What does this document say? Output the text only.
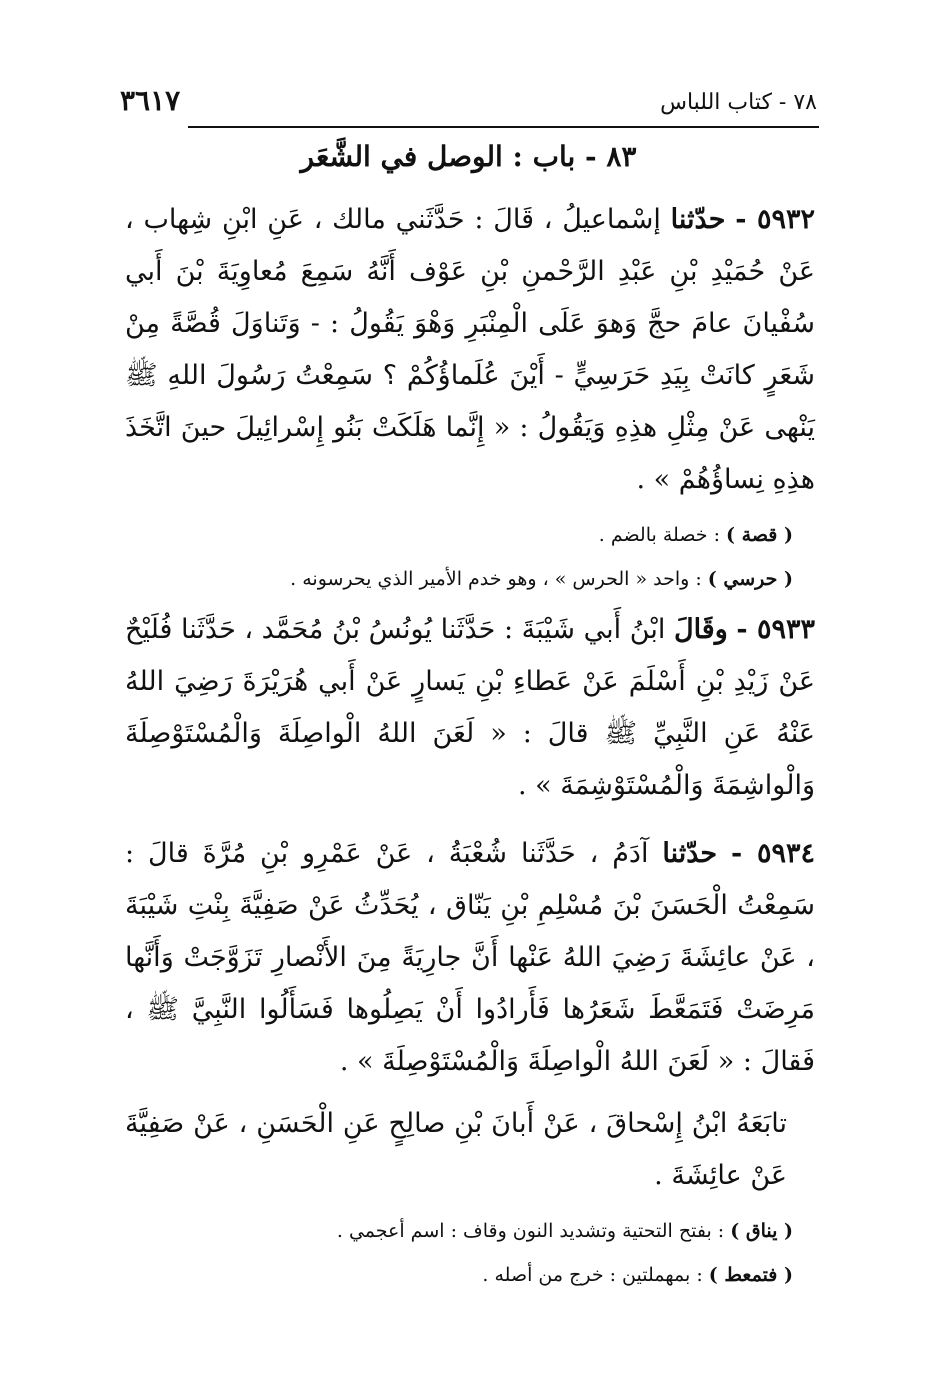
٧٨ - كتاب اللباس
٣٦١٧
٨٣ - باب : الوصل في الشَّعَر

٥٩٣٢ - حدّثنا إسْماعيلُ ، قَالَ : حَدَّثَني مالك ، عَنِ ابْنِ شِهاب ، عَنْ حُمَيْدِ بْنِ عَبْدِ الرَّحْمنِ بْنِ عَوْف أَنَّهُ سَمِعَ مُعاوِيَةَ بْنَ أَبي سُفْيانَ عامَ حجَّ وَهوَ عَلَى الْمِنْبَرِ وَهْوَ يَقُولُ : - وَتَناوَلَ قُصَّةً مِنْ شَعَرٍ كانَتْ بِيَدِ حَرَسِيٍّ - أَيْنَ عُلَماؤُكُمْ ؟ سَمِعْتُ رَسُولَ اللهِ ﷺ يَنْهى عَنْ مِثْلِ هذِهِ وَيَقُولُ : « إِنَّما هَلَكَتْ بَنُو إِسْرائِيلَ حينَ اتَّخَذَ هذِهِ نِساؤُهُمْ » .

( قصة ) : خصلة بالضم .

( حرسي ) : واحد « الحرس » ، وهو خدم الأمير الذي يحرسونه .

٥٩٣٣ - وقَالَ ابْنُ أَبي شَيْبَةَ : حَدَّثَنا يُونُسُ بْنُ مُحَمَّد ، حَدَّثَنا فُلَيْحٌ عَنْ زَيْدِ بْنِ أَسْلَمَ عَنْ عَطاءِ بْنِ يَسارٍ عَنْ أَبي هُرَيْرَةَ رَضِيَ اللهُ عَنْهُ عَنِ النَّبِيِّ ﷺ قالَ : « لَعَنَ اللهُ الْواصِلَةَ وَالْمُسْتَوْصِلَةَ وَالْواشِمَةَ وَالْمُسْتَوْشِمَةَ » .

٥٩٣٤ - حدّثنا آدَمُ ، حَدَّثَنا شُعْبَةُ ، عَنْ عَمْرِو بْنِ مُرَّةَ قالَ : سَمِعْتُ الْحَسَنَ بْنَ مُسْلِمِ بْنِ يَنّاق ، يُحَدِّثُ عَنْ صَفِيَّةَ بِنْتِ شَيْبَةَ ، عَنْ عائِشَةَ رَضِيَ اللهُ عَنْها أَنَّ جارِيَةً مِنَ الأَنْصارِ تَزَوَّجَتْ وَأَنَّها مَرِضَتْ فَتَمَعَّطَ شَعَرُها فَأَرادُوا أَنْ يَصِلُوها فَسَأَلُوا النَّبِيَّ ﷺ ، فَقالَ : « لَعَنَ اللهُ الْواصِلَةَ وَالْمُسْتَوْصِلَةَ » .

تابَعَهُ ابْنُ إِسْحاقَ ، عَنْ أَبانَ بْنِ صالِحٍ عَنِ الْحَسَنِ ، عَنْ صَفِيَّةَ عَنْ عائِشَةَ .

( يناق ) : بفتح التحتية وتشديد النون وقاف : اسم أعجمي .

( فتمعط ) : بمهملتين : خرج من أصله .
